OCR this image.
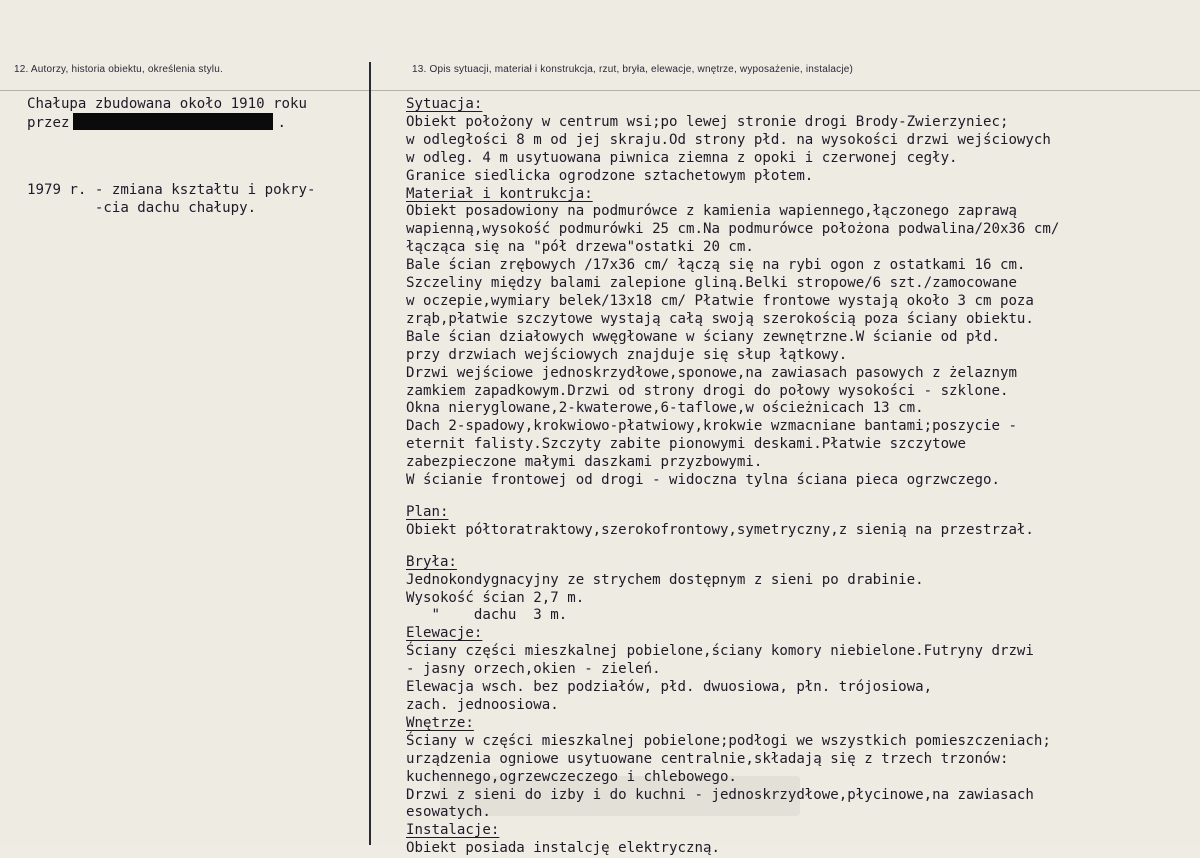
12. Autorzy, historia obiektu, określenia stylu.	13. Opis sytuacji, materiał i konstrukcja, rzut, bryła, elewacje, wnętrze, wyposażenie, instalacje)
Chałupa zbudowana około 1910 roku
przez	.
1979 r. - zmiana kształtu i pokry-
-cia dachu chałupy.
Sytuacja:
Obiekt położony w centrum wsi;po lewej stronie drogi Brody-Zwierzyniec;
w odległości 8 m od jej skraju.Od strony płd. na wysokości drzwi wejściowych
w odleg. 4 m usytuowana piwnica ziemna z opoki i czerwonej cegły.
Granice siedlicka ogrodzone sztachetowym płotem.
Materiał i kontrukcja:
Obiekt posadowiony na podmurówce z kamienia wapiennego,łączonego zaprawą
wapienną,wysokość podmurówki 25 cm.Na podmurówce położona podwalina/20x36 cm/
łącząca się na "pół drzewa"ostatki 20 cm.
Bale ścian zrębowych /17x36 cm/ łączą się na rybi ogon z ostatkami 16 cm.
Szczeliny między balami zalepione gliną.Belki stropowe/6 szt./zamocowane
w oczepie,wymiary belek/13x18 cm/ Płatwie frontowe wystają około 3 cm poza
zrąb,płatwie szczytowe wystają całą swoją szerokością poza ściany obiektu.
Bale ścian działowych wwęgłowane w ściany zewnętrzne.W ścianie od płd.
przy drzwiach wejściowych znajduje się słup łątkowy.
Drzwi wejściowe jednoskrzydłowe,sponowe,na zawiasach pasowych z żelaznym
zamkiem zapadkowym.Drzwi od strony drogi do połowy wysokości - szklone.
Okna nieryglowane,2-kwaterowe,6-taflowe,w ościeżnicach 13 cm.
Dach 2-spadowy,krokwiowo-płatwiowy,krokwie wzmacniane bantami;poszycie -
eternit falisty.Szczyty zabite pionowymi deskami.Płatwie szczytowe
zabezpieczone małymi daszkami przyzbowymi.
W ścianie frontowej od drogi - widoczna tylna ściana pieca ogrzwczego.
Plan:
Obiekt półtoratraktowy,szerokofrontowy,symetryczny,z sienią na przestrzał.
Bryła:
Jednokondygnacyjny ze strychem dostępnym z sieni po drabinie.
Wysokość ścian 2,7 m.
"    dachu  3 m.
Elewacje:
Ściany części mieszkalnej pobielone,ściany komory niebielone.Futryny drzwi
- jasny orzech,okien - zieleń.
Elewacja wsch. bez podziałów, płd. dwuosiowa, płn. trójosiowa,
zach. jednoosiowa.
Wnętrze:
Ściany w części mieszkalnej pobielone;podłogi we wszystkich pomieszczeniach;
urządzenia ogniowe usytuowane centralnie,składają się z trzech trzonów:
kuchennego,ogrzewczeczego i chlebowego.
Drzwi z sieni do izby i do kuchni - jednoskrzydłowe,płycinowe,na zawiasach
esowatych.
Instalacje:
Obiekt posiada instalcję elektryczną.
